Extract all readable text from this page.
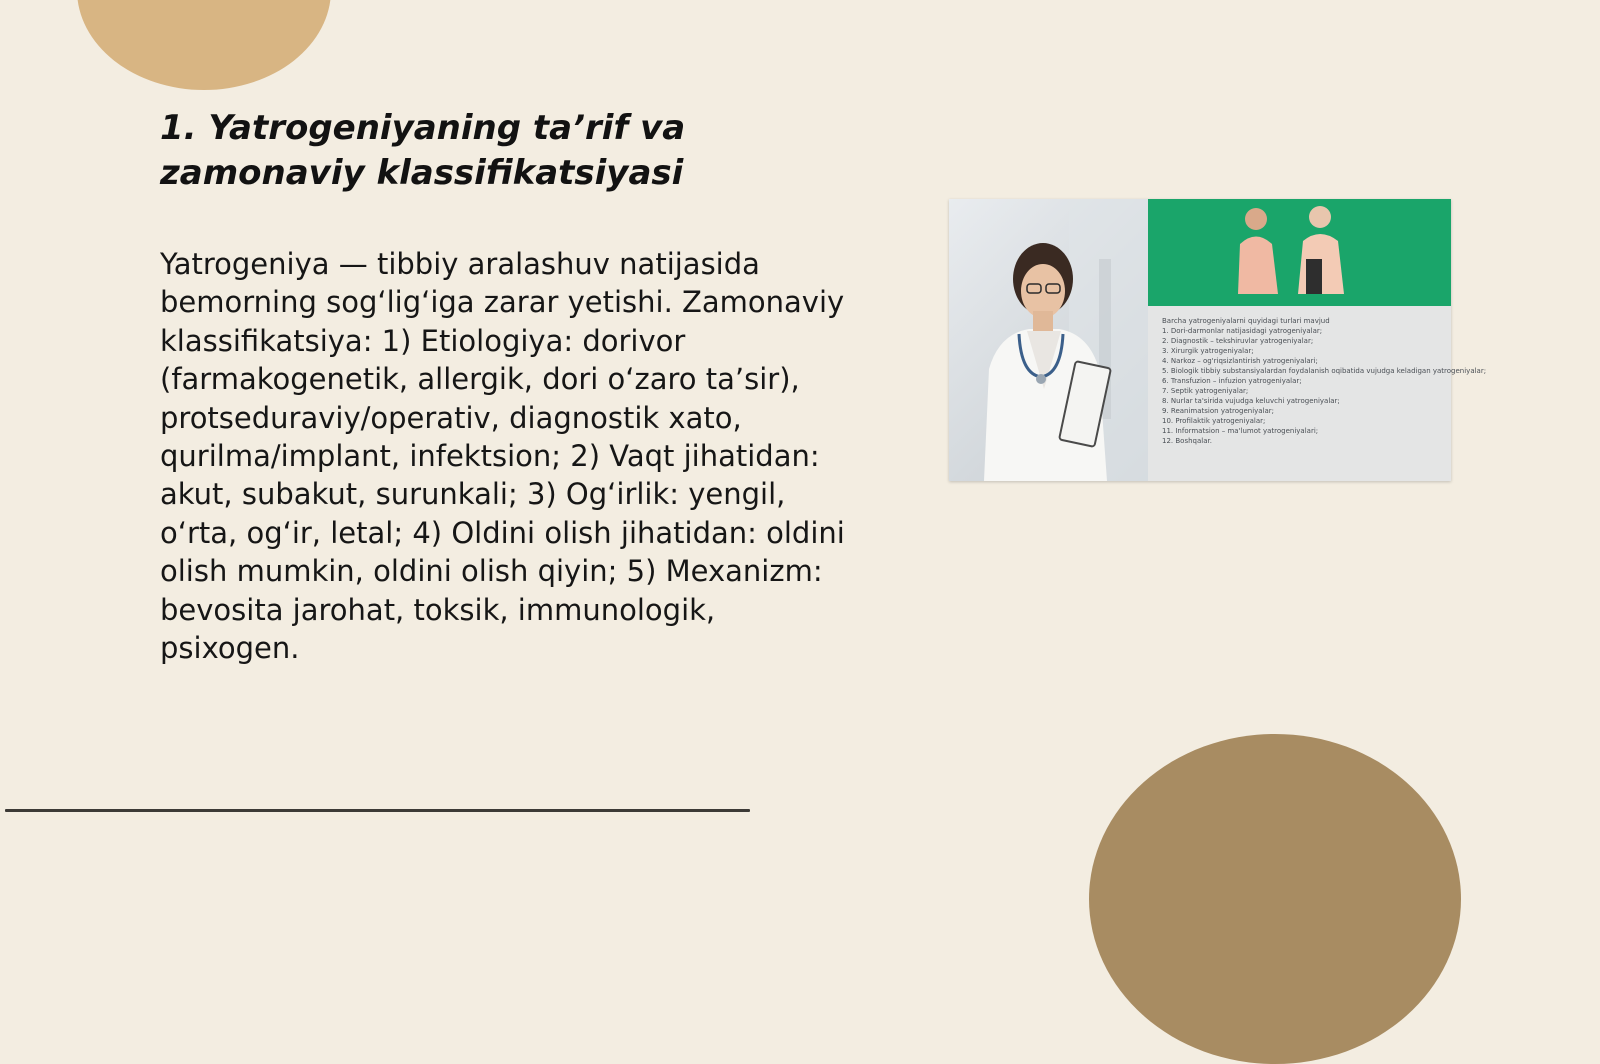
1. Yatrogeniyaning ta’rif va zamonaviy klassifikatsiyasi

Yatrogeniya — tibbiy aralashuv natijasida bemorning sog‘lig‘iga zarar yetishi. Zamonaviy klassifikatsiya: 1) Etiologiya: dorivor (farmakogenetik, allergik, dori o‘zaro ta’sir), protseduraviy/operativ, diagnostik xato, qurilma/implant, infektsion; 2) Vaqt jihatidan: akut, subakut, surunkali; 3) Og‘irlik: yengil, o‘rta, og‘ir, letal; 4) Oldini olish jihatidan: oldini olish mumkin, oldini olish qiyin; 5) Mexanizm: bevosita jarohat, toksik, immunologik, psixogen.

Barcha yatrogeniyalarni quyidagi turlari mavjud
1. Dori-darmonlar natijasidagi yatrogeniyalar;
2. Diagnostik – tekshiruvlar yatrogeniyalar;
3. Xirurgik yatrogeniyalar;
4. Narkoz – og'riqsizlantirish yatrogeniyalari;
5. Biologik tibbiy substansiyalardan foydalanish oqibatida vujudga keladigan yatrogeniyalar;
6. Transfuzion – infuzion yatrogeniyalar;
7. Septik yatrogeniyalar;
8. Nurlar ta'sirida vujudga keluvchi yatrogeniyalar;
9. Reanimatsion yatrogeniyalar;
10. Profilaktik yatrogeniyalar;
11. Informatsion – ma'lumot yatrogeniyalari;
12. Boshqalar.
